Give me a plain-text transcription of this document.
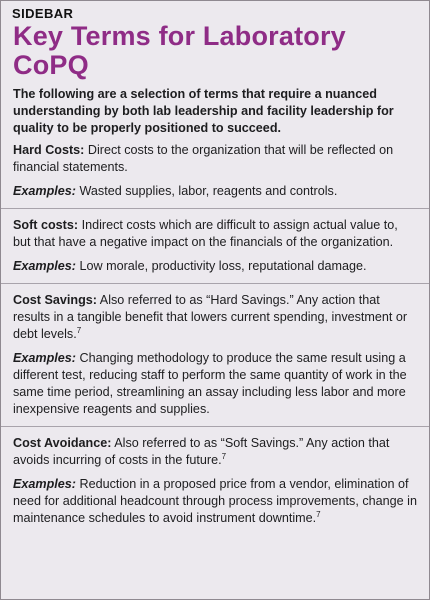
SIDEBAR
Key Terms for Laboratory
CoPQ

The following are a selection of terms that require a nuanced understanding by both lab leadership and facility leadership for quality to be properly positioned to succeed.

Hard Costs: Direct costs to the organization that will be reflected on financial statements.

Examples: Wasted supplies, labor, reagents and controls.

Soft costs: Indirect costs which are difficult to assign actual value to, but that have a negative impact on the financials of the organization.

Examples: Low morale, productivity loss, reputational damage.

Cost Savings: Also referred to as “Hard Savings.” Any action that results in a tangible benefit that lowers current spending, investment or debt levels.$^7$

Examples: Changing methodology to produce the same result using a different test, reducing staff to perform the same quantity of work in the same time period, streamlining an assay including less labor and more inexpensive reagents and supplies.

Cost Avoidance: Also referred to as “Soft Savings.” Any action that avoids incurring of costs in the future.$^7$

Examples: Reduction in a proposed price from a vendor, elimination of need for additional headcount through process improvements, change in maintenance schedules to avoid instrument downtime.$^7$
